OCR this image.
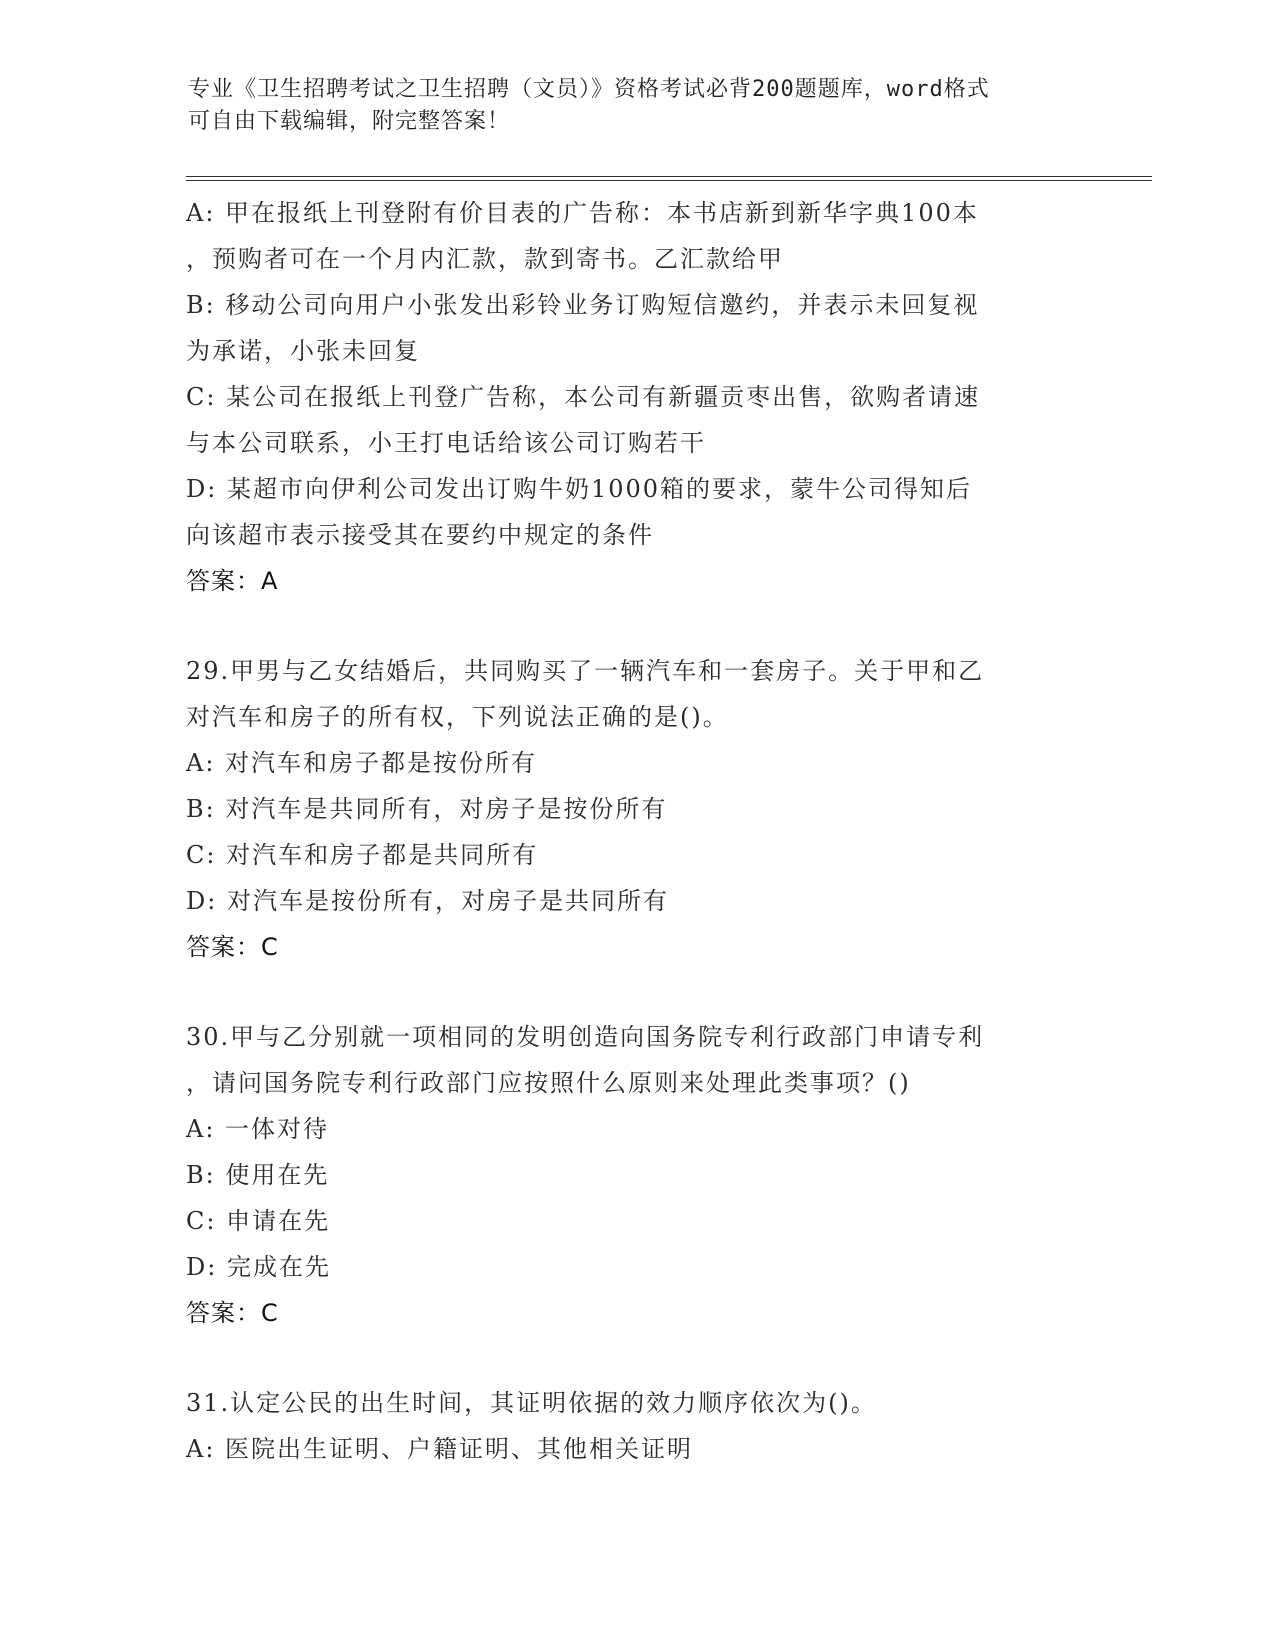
专业《卫生招聘考试之卫生招聘（文员）》资格考试必背200题题库，word格式
可自由下载编辑，附完整答案！
A: 甲在报纸上刊登附有价目表的广告称：本书店新到新华字典100本
，预购者可在一个月内汇款，款到寄书。乙汇款给甲
B: 移动公司向用户小张发出彩铃业务订购短信邀约，并表示未回复视
为承诺，小张未回复
C: 某公司在报纸上刊登广告称，本公司有新疆贡枣出售，欲购者请速
与本公司联系，小王打电话给该公司订购若干
D: 某超市向伊利公司发出订购牛奶1000箱的要求，蒙牛公司得知后
向该超市表示接受其在要约中规定的条件
答案：A
29.甲男与乙女结婚后，共同购买了一辆汽车和一套房子。关于甲和乙
对汽车和房子的所有权，下列说法正确的是()。
A: 对汽车和房子都是按份所有
B: 对汽车是共同所有，对房子是按份所有
C: 对汽车和房子都是共同所有
D: 对汽车是按份所有，对房子是共同所有
答案：C
30.甲与乙分别就一项相同的发明创造向国务院专利行政部门申请专利
，请问国务院专利行政部门应按照什么原则来处理此类事项？()
A: 一体对待
B: 使用在先
C: 申请在先
D: 完成在先
答案：C
31.认定公民的出生时间，其证明依据的效力顺序依次为()。
A: 医院出生证明、户籍证明、其他相关证明
